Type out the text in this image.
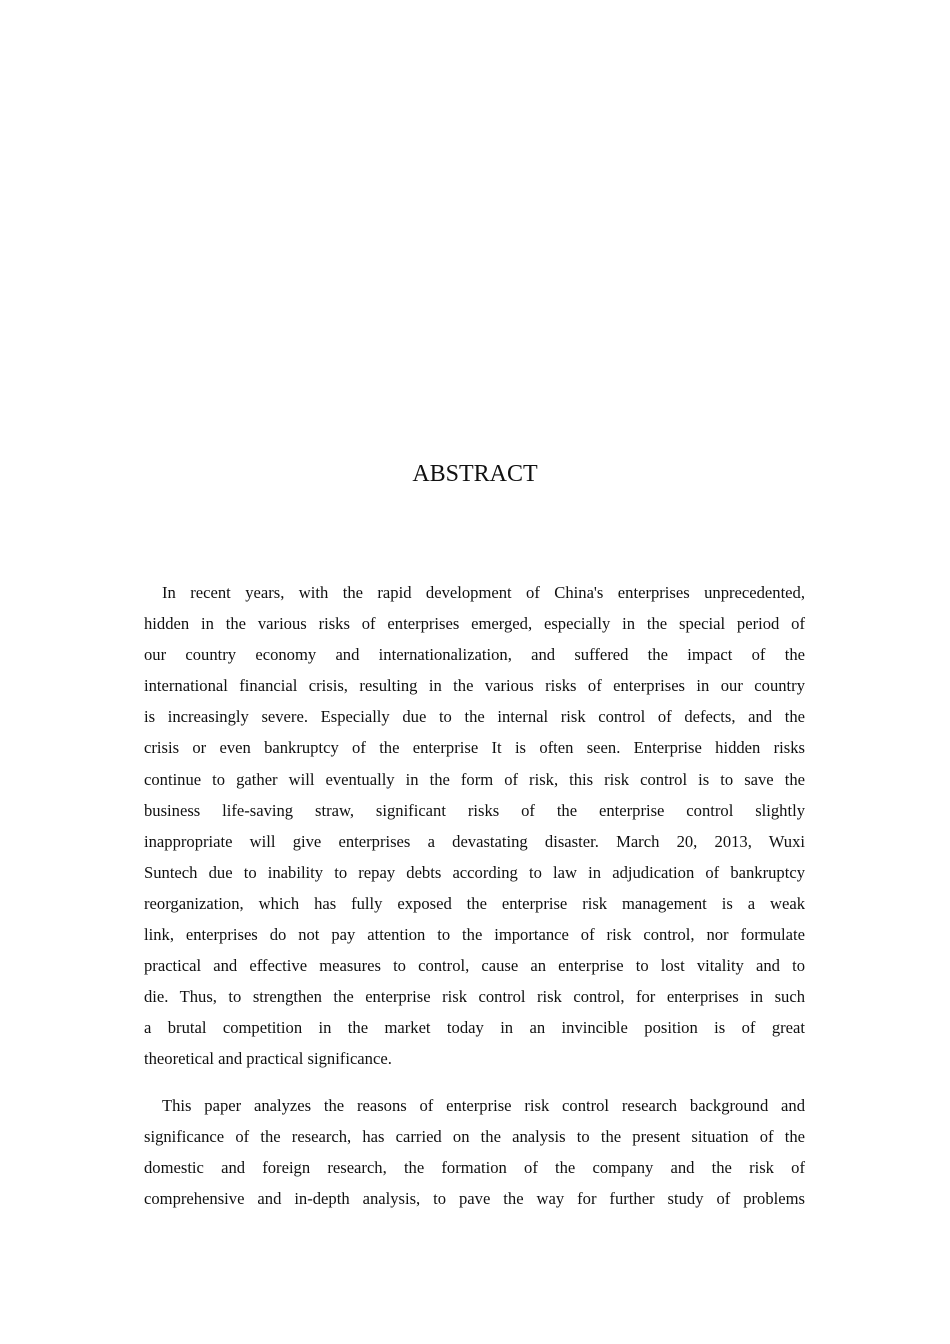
ABSTRACT
In recent years, with the rapid development of China's enterprises unprecedented,
hidden in the various risks of enterprises emerged, especially in the special period of
our country economy and internationalization, and suffered the impact of the
international financial crisis, resulting in the various risks of enterprises in our country
is increasingly severe. Especially due to the internal risk control of defects, and the
crisis or even bankruptcy of the enterprise It is often seen. Enterprise hidden risks
continue to gather will eventually in the form of risk, this risk control is to save the
business life-saving straw, significant risks of the enterprise control slightly
inappropriate will give enterprises a devastating disaster. March 20, 2013, Wuxi
Suntech due to inability to repay debts according to law in adjudication of bankruptcy
reorganization, which has fully exposed the enterprise risk management is a weak
link, enterprises do not pay attention to the importance of risk control, nor formulate
practical and effective measures to control, cause an enterprise to lost vitality and to
die. Thus, to strengthen the enterprise risk control risk control, for enterprises in such
a brutal competition in the market today in an invincible position is of great
theoretical and practical significance.
This paper analyzes the reasons of enterprise risk control research background and
significance of the research, has carried on the analysis to the present situation of the
domestic and foreign research, the formation of the company and the risk of
comprehensive and in-depth analysis, to pave the way for further study of problems
